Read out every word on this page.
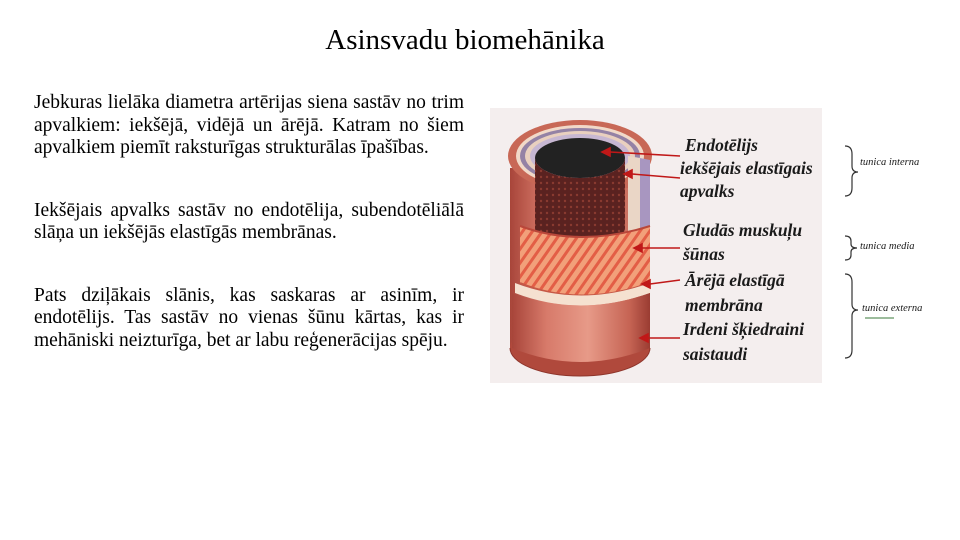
Asinsvadu biomehānika

Jebkuras lielāka diametra artērijas siena sastāv no trim apvalkiem: iekšējā, vidējā un ārējā. Katram no šiem apvalkiem piemīt raksturīgas strukturālas īpašības.

Iekšējais apvalks sastāv no endotēlija, subendotēliālā slāņa un iekšējās elastīgās membrānas.

Pats dziļākais slānis, kas saskaras ar asinīm, ir endotēlijs. Tas sastāv no vienas šūnu kārtas, kas ir mehāniski neizturīga, bet ar labu reģenerācijas spēju.

Endotēlijs
iekšējais elastīgais
apvalks
Gludās muskuļu
šūnas
Ārējā elastīgā
membrāna
Irdeni šķiedraini
saistaudi
tunica interna
tunica media
tunica externa
